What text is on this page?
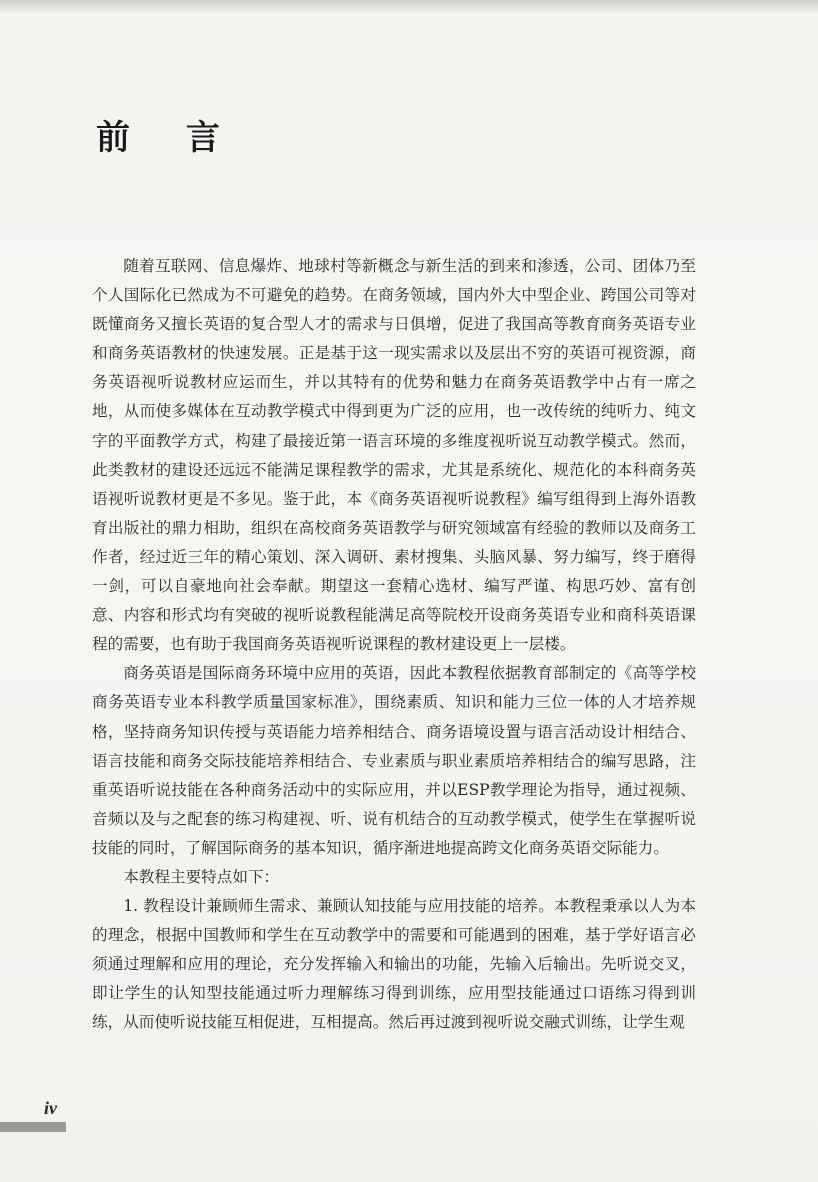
前 言

随着互联网、信息爆炸、地球村等新概念与新生活的到来和渗透，公司、团体乃至个人国际化已然成为不可避免的趋势。在商务领域，国内外大中型企业、跨国公司等对既懂商务又擅长英语的复合型人才的需求与日俱增，促进了我国高等教育商务英语专业和商务英语教材的快速发展。正是基于这一现实需求以及层出不穷的英语可视资源，商务英语视听说教材应运而生，并以其特有的优势和魅力在商务英语教学中占有一席之地，从而使多媒体在互动教学模式中得到更为广泛的应用，也一改传统的纯听力、纯文字的平面教学方式，构建了最接近第一语言环境的多维度视听说互动教学模式。然而，此类教材的建设还远远不能满足课程教学的需求，尤其是系统化、规范化的本科商务英语视听说教材更是不多见。鉴于此，本《商务英语视听说教程》编写组得到上海外语教育出版社的鼎力相助，组织在高校商务英语教学与研究领域富有经验的教师以及商务工作者，经过近三年的精心策划、深入调研、素材搜集、头脑风暴、努力编写，终于磨得一剑，可以自豪地向社会奉献。期望这一套精心选材、编写严谨、构思巧妙、富有创意、内容和形式均有突破的视听说教程能满足高等院校开设商务英语专业和商科英语课程的需要，也有助于我国商务英语视听说课程的教材建设更上一层楼。

商务英语是国际商务环境中应用的英语，因此本教程依据教育部制定的《高等学校商务英语专业本科教学质量国家标准》，围绕素质、知识和能力三位一体的人才培养规格，坚持商务知识传授与英语能力培养相结合、商务语境设置与语言活动设计相结合、语言技能和商务交际技能培养相结合、专业素质与职业素质培养相结合的编写思路，注重英语听说技能在各种商务活动中的实际应用，并以ESP教学理论为指导，通过视频、音频以及与之配套的练习构建视、听、说有机结合的互动教学模式，使学生在掌握听说技能的同时，了解国际商务的基本知识，循序渐进地提高跨文化商务英语交际能力。

本教程主要特点如下：

1. 教程设计兼顾师生需求、兼顾认知技能与应用技能的培养。本教程秉承以人为本的理念，根据中国教师和学生在互动教学中的需要和可能遇到的困难，基于学好语言必须通过理解和应用的理论，充分发挥输入和输出的功能，先输入后输出。先听说交叉，即让学生的认知型技能通过听力理解练习得到训练，应用型技能通过口语练习得到训练，从而使听说技能互相促进，互相提高。然后再过渡到视听说交融式训练，让学生观

iv
